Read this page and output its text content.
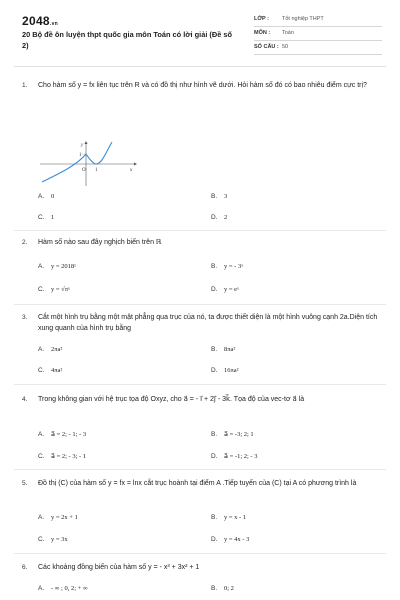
2048.vn
20 Bộ đề ôn luyện thpt quốc gia môn Toán có lời giải (Đề số 2)
LỚP : Tốt nghiệp THPT
MÔN : Toán
SỐ CÂU : 50
1. Cho hàm số y = fx liên tục trên R và có đồ thị như hình vẽ dưới. Hỏi hàm số đó có bao nhiêu điểm cực trị?
1
y
O 1	x
A. 0	B. 3
C. 1	D. 2
2. Hàm số nào sau đây nghịch biến trên ℝ
A. y = 2018ˣ	B. y = - 3ˣ
C. y = √πˣ	D. y = eˣ
3. Cắt một hình trụ bằng một mặt phẳng qua trục của nó, ta được thiết diện là một hình vuông cạnh 2a.Diện tích xung quanh của hình trụ bằng
A. 2πa²	B. 8πa²
C. 4πa²	D. 16πa²
4. Trong không gian với hệ trục tọa độ Oxyz, cho a⃗ = - i⃗ + 2j⃗ - 3k⃗. Tọa độ của vec-tơ a⃗ là
A. a⃗ = 2; - 1; - 3	B. a⃗ = -3; 2; 1
C. a⃗ = 2; - 3; - 1	D. a⃗ = -1; 2; - 3
5. Đồ thị (C) của hàm số y = fx = lnx cắt trục hoành tại điểm A .Tiếp tuyến của (C) tại A có phương trình là
A. y = 2x + 1	B. y = x - 1
C. y = 3x	D. y = 4x - 3
6. Các khoảng đồng biến của hàm số y = - x³ + 3x² + 1
A. - ∞ ; 0, 2; + ∞	B. 0; 2
